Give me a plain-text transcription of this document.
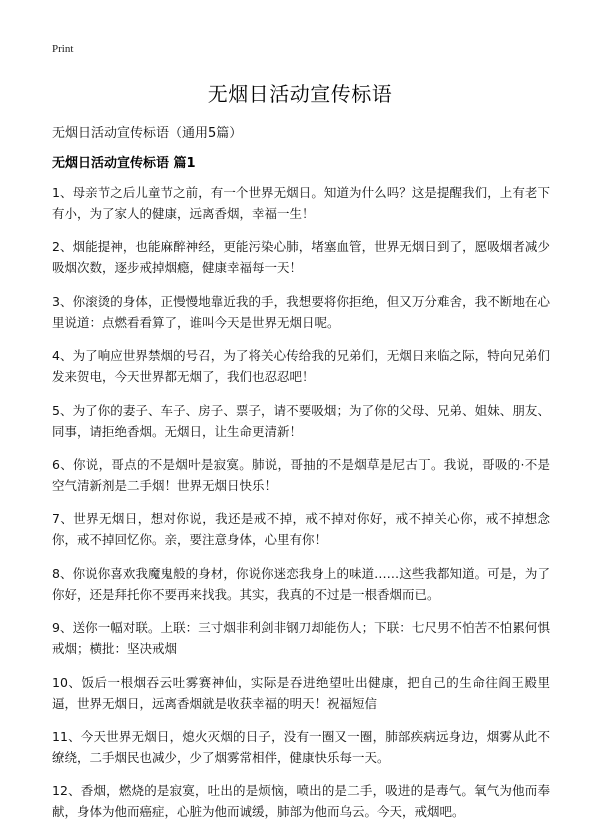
Print
无烟日活动宣传标语
无烟日活动宣传标语（通用5篇）
无烟日活动宣传标语 篇1
1、母亲节之后儿童节之前，有一个世界无烟日。知道为什么吗？这是提醒我们，上有老下有小，为了家人的健康，远离香烟，幸福一生！
2、烟能提神，也能麻醉神经，更能污染心肺，堵塞血管，世界无烟日到了，愿吸烟者减少吸烟次数，逐步戒掉烟瘾，健康幸福每一天！
3、你滚烫的身体，正慢慢地靠近我的手，我想要将你拒绝，但又万分难舍，我不断地在心里说道：点燃看看算了，谁叫今天是世界无烟日呢。
4、为了响应世界禁烟的号召，为了将关心传给我的兄弟们，无烟日来临之际，特向兄弟们发来贺电，今天世界都无烟了，我们也忍忍吧！
5、为了你的妻子、车子、房子、票子，请不要吸烟；为了你的父母、兄弟、姐妹、朋友、同事，请拒绝香烟。无烟日，让生命更清新！
6、你说，哥点的不是烟叶是寂寞。肺说，哥抽的不是烟草是尼古丁。我说，哥吸的·不是空气清新剂是二手烟！世界无烟日快乐！
7、世界无烟日，想对你说，我还是戒不掉，戒不掉对你好，戒不掉关心你，戒不掉想念你，戒不掉回忆你。亲，要注意身体，心里有你！
8、你说你喜欢我魔鬼般的身材，你说你迷恋我身上的味道……这些我都知道。可是，为了你好，还是拜托你不要再来找我。其实，我真的不过是一根香烟而已。
9、送你一幅对联。上联：三寸烟非利剑非钢刀却能伤人；下联：七尺男不怕苦不怕累何惧戒烟；横批：坚决戒烟
10、饭后一根烟吞云吐雾赛神仙，实际是吞进绝望吐出健康，把自己的生命往阎王殿里逼，世界无烟日，远离香烟就是收获幸福的明天！祝福短信
11、今天世界无烟日，熄火灭烟的日子，没有一圈又一圈，肺部疾病远身边，烟雾从此不缭绕，二手烟民也减少，少了烟雾常相伴，健康快乐每一天。
12、香烟，燃烧的是寂寞，吐出的是烦恼，喷出的是二手，吸进的是毒气。氧气为他而奉献，身体为他而癌症，心脏为他而诚缓，肺部为他而乌云。今天，戒烟吧。
